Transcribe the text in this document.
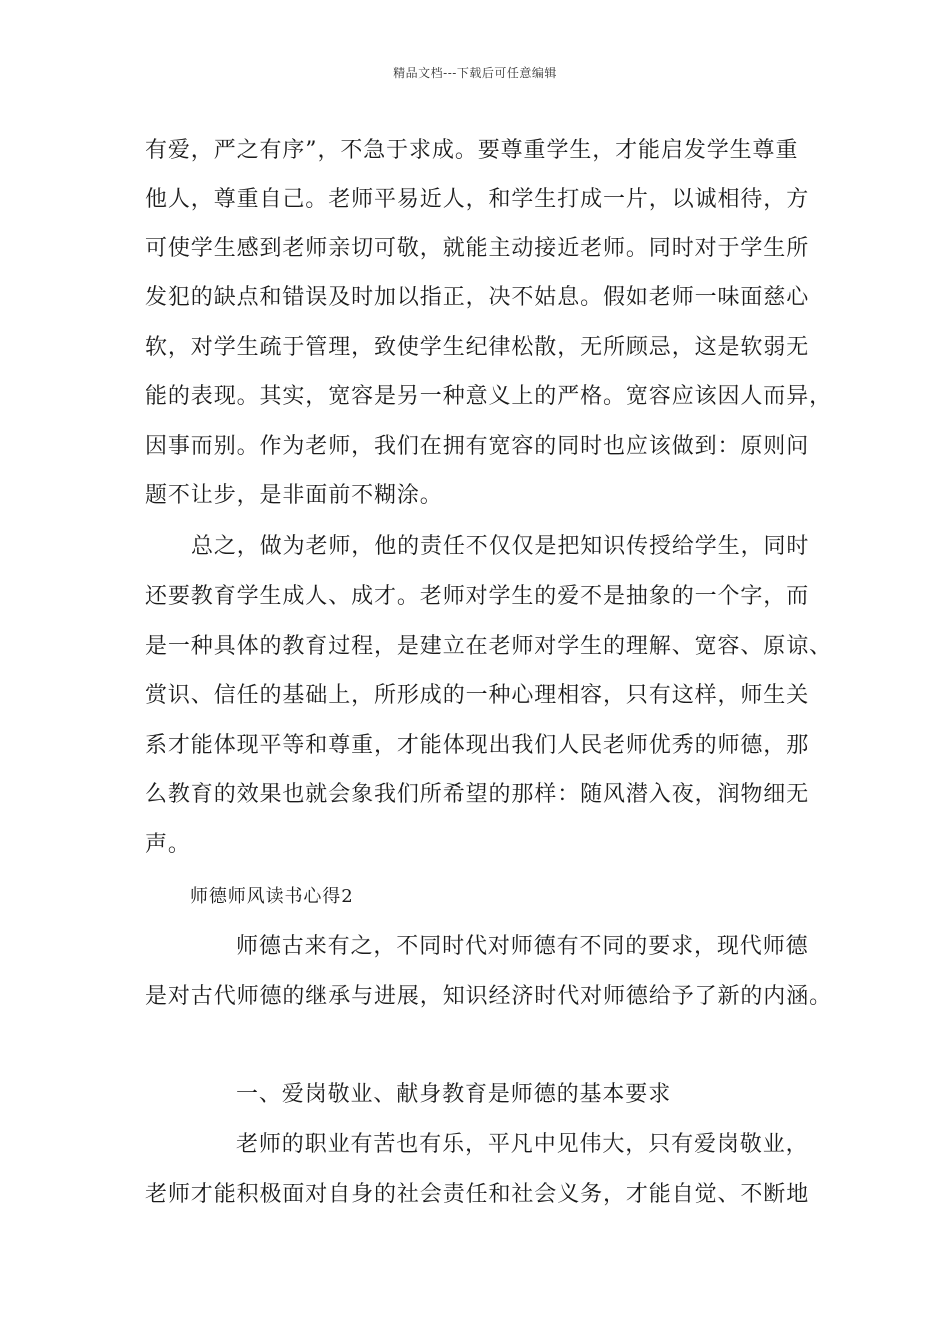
精品文档---下载后可任意编辑
有爱，严之有序”，不急于求成。要尊重学生，才能启发学生尊重
他人，尊重自己。老师平易近人，和学生打成一片，以诚相待，方
可使学生感到老师亲切可敬，就能主动接近老师。同时对于学生所
发犯的缺点和错误及时加以指正，决不姑息。假如老师一味面慈心
软，对学生疏于管理，致使学生纪律松散，无所顾忌，这是软弱无
能的表现。其实，宽容是另一种意义上的严格。宽容应该因人而异，
因事而别。作为老师，我们在拥有宽容的同时也应该做到：原则问
题不让步，是非面前不糊涂。
总之，做为老师，他的责任不仅仅是把知识传授给学生，同时
还要教育学生成人、成才。老师对学生的爱不是抽象的一个字，而
是一种具体的教育过程，是建立在老师对学生的理解、宽容、原谅、
赏识、信任的基础上，所形成的一种心理相容，只有这样，师生关
系才能体现平等和尊重，才能体现出我们人民老师优秀的师德，那
么教育的效果也就会象我们所希望的那样：随风潜入夜，润物细无
声。
师德师风读书心得2
师德古来有之，不同时代对师德有不同的要求，现代师德
是对古代师德的继承与进展，知识经济时代对师德给予了新的内涵。
一、爱岗敬业、献身教育是师德的基本要求
老师的职业有苦也有乐，平凡中见伟大，只有爱岗敬业，
老师才能积极面对自身的社会责任和社会义务，才能自觉、不断地
